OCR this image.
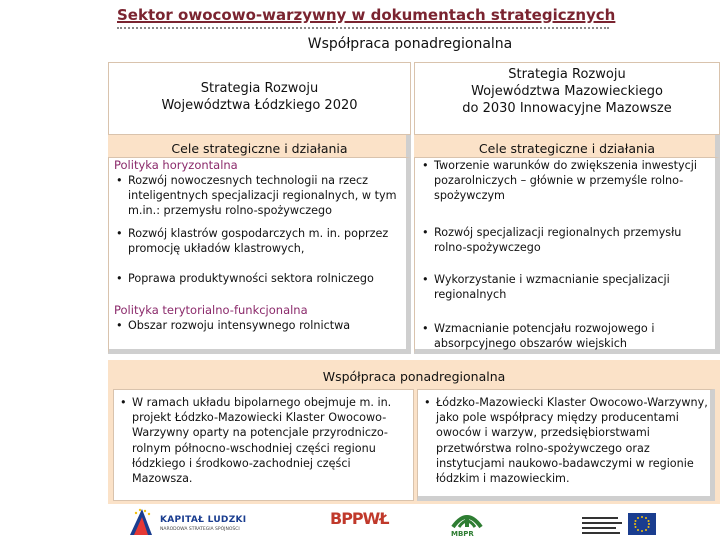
Sektor owocowo-warzywny w dokumentach strategicznych
Współpraca ponadregionalna
Strategia Rozwoju
Województwa Łódzkiego 2020
Cele strategiczne i działania
Polityka horyzontalna
• Rozwój nowoczesnych technologii na rzecz inteligentnych specjalizacji regionalnych, w tym m.in.: przemysłu rolno-spożywczego
• Rozwój klastrów gospodarczych m. in. poprzez promocję układów klastrowych,
• Poprawa produktywności sektora rolniczego
Polityka terytorialno-funkcjonalna
• Obszar rozwoju intensywnego rolnictwa
Strategia Rozwoju
Województwa Mazowieckiego
do 2030 Innowacyjne Mazowsze
Cele strategiczne i działania
• Tworzenie warunków do zwiększenia inwestycji pozarolniczych – głównie w przemyśle rolno-spożywczym
• Rozwój specjalizacji regionalnych przemysłu rolno-spożywczego
• Wykorzystanie i wzmacnianie specjalizacji regionalnych
• Wzmacnianie potencjału rozwojowego i absorpcyjnego obszarów wiejskich
Współpraca ponadregionalna
• W ramach układu bipolarnego obejmuje m. in. projekt Łódzko-Mazowiecki Klaster Owocowo-Warzywny oparty na potencjale przyrodniczo-rolnym północno-wschodniej części regionu łódzkiego i środkowo-zachodniej części Mazowsza.
• Łódzko-Mazowiecki Klaster Owocowo-Warzywny, jako pole współpracy między producentami owoców i warzyw, przedsiębiorstwami przetwórstwa rolno-spożywczego oraz instytucjami naukowo-badawczymi w regionie łódzkim i mazowieckim.
KAPITAŁ LUDZKI
NARODOWA STRATEGIA SPÓJNOŚCI
BPPWŁ
MBPR
